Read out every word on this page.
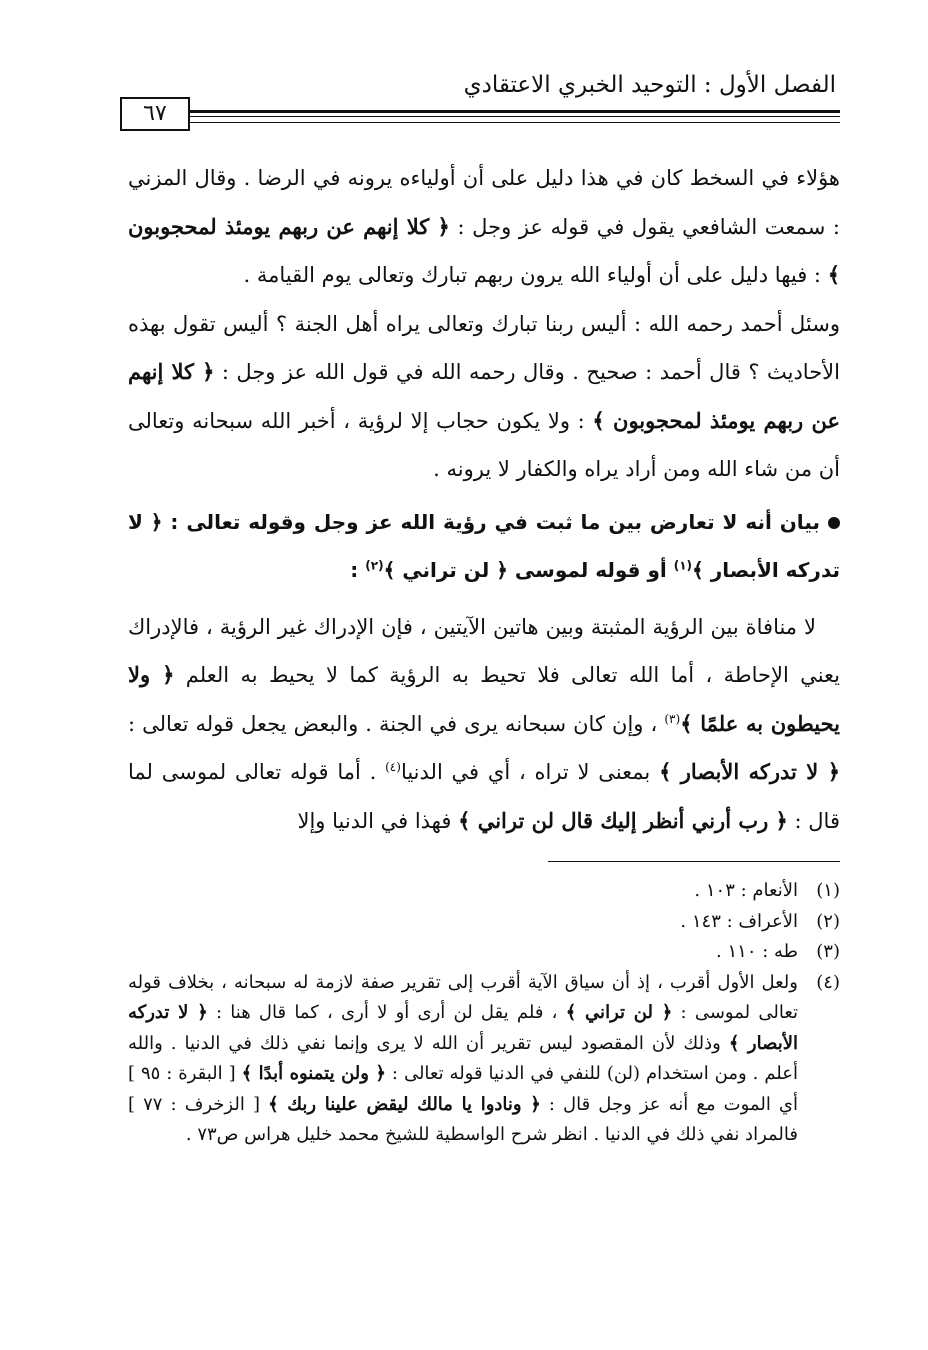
الفصل الأول : التوحيد الخبري الاعتقادي
٦٧

هؤلاء في السخط كان في هذا دليل على أن أولياءه يرونه في الرضا . وقال المزني : سمعت الشافعي يقول في قوله عز وجل : ﴿ كلا إنهم عن ربهم يومئذ لمحجوبون ﴾ : فيها دليل على أن أولياء الله يرون ربهم تبارك وتعالى يوم القيامة .

وسئل أحمد رحمه الله : أليس ربنا تبارك وتعالى يراه أهل الجنة ؟ أليس تقول بهذه الأحاديث ؟ قال أحمد : صحيح . وقال رحمه الله في قول الله عز وجل : ﴿ كلا إنهم عن ربهم يومئذ لمحجوبون ﴾ : ولا يكون حجاب إلا لرؤية ، أخبر الله سبحانه وتعالى أن من شاء الله ومن أراد يراه والكفار لا يرونه .

بيان أنه لا تعارض بين ما ثبت في رؤية الله عز وجل وقوله تعالى : ﴿ لا تدركه الأبصار ﴾$^{(١)}$ أو قوله لموسى ﴿ لن تراني ﴾$^{(٢)}$ :

لا منافاة بين الرؤية المثبتة وبين هاتين الآيتين ، فإن الإدراك غير الرؤية ، فالإدراك يعني الإحاطة ، أما الله تعالى فلا تحيط به الرؤية كما لا يحيط به العلم ﴿ ولا يحيطون به علمًا ﴾$^{(٣)}$ ، وإن كان سبحانه يرى في الجنة . والبعض يجعل قوله تعالى : ﴿ لا تدركه الأبصار ﴾ بمعنى لا تراه ، أي في الدنيا$^{(٤)}$ . أما قوله تعالى لموسى لما قال : ﴿ رب أرني أنظر إليك قال لن تراني ﴾ فهذا في الدنيا وإلا

(١)
الأنعام : ١٠٣ .
(٢)
الأعراف : ١٤٣ .
(٣)
طه : ١١٠ .
(٤)
ولعل الأول أقرب ، إذ أن سياق الآية أقرب إلى تقرير صفة لازمة له سبحانه ، بخلاف قوله تعالى لموسى : ﴿ لن تراني ﴾ ، فلم يقل لن أرى أو لا أرى ، كما قال هنا : ﴿ لا تدركه الأبصار ﴾ وذلك لأن المقصود ليس تقرير أن الله لا يرى وإنما نفي ذلك في الدنيا . والله أعلم . ومن استخدام (لن) للنفي في الدنيا قوله تعالى : ﴿ ولن يتمنوه أبدًا ﴾ [ البقرة : ٩٥ ] أي الموت مع أنه عز وجل قال : ﴿ ونادوا يا مالك ليقض علينا ربك ﴾ [ الزخرف : ٧٧ ] فالمراد نفي ذلك في الدنيا . انظر شرح الواسطية للشيخ محمد خليل هراس ص٧٣ .
